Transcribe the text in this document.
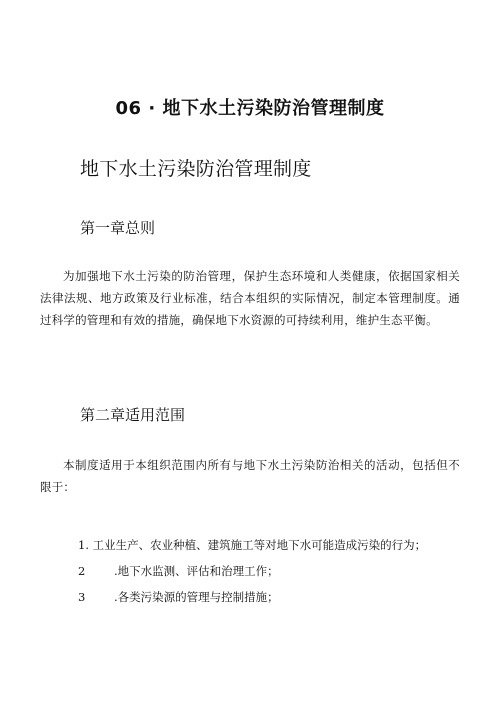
06 · 地下水土污染防治管理制度
地下水土污染防治管理制度
第一章总则
为加强地下水土污染的防治管理，保护生态环境和人类健康，依据国家相关法律法规、地方政策及行业标准，结合本组织的实际情况，制定本管理制度。通过科学的管理和有效的措施，确保地下水资源的可持续利用，维护生态平衡。
第二章适用范围
本制度适用于本组织范围内所有与地下水土污染防治相关的活动，包括但不限于：
1. 工业生产、农业种植、建筑施工等对地下水可能造成污染的行为；
2 .地下水监测、评估和治理工作；
3 .各类污染源的管理与控制措施；
